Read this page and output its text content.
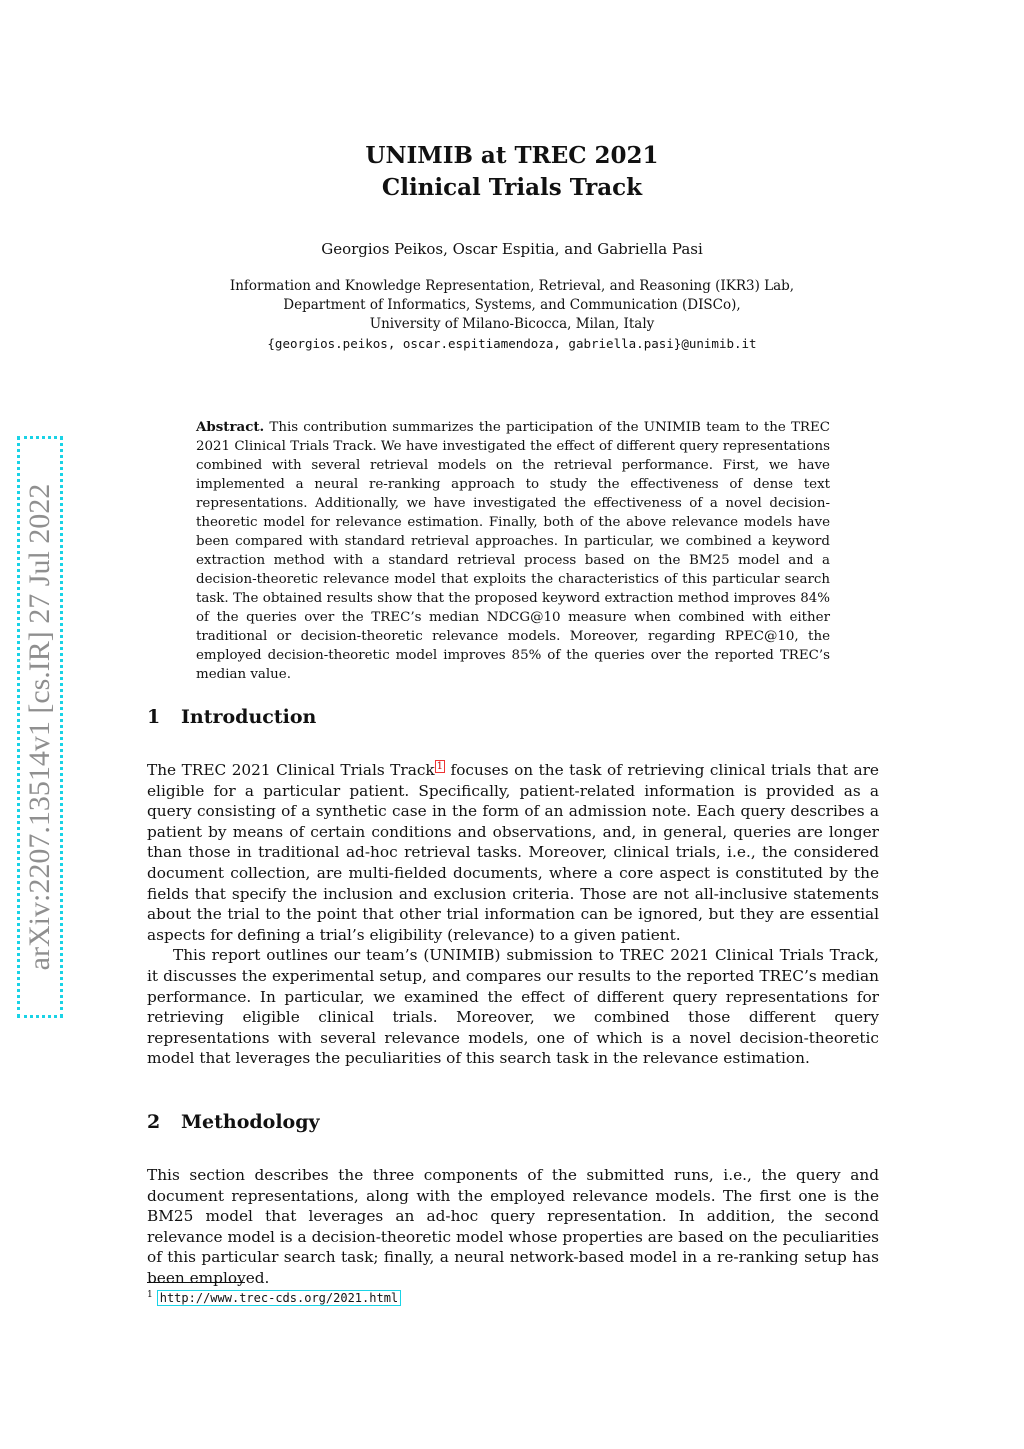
arXiv:2207.13514v1 [cs.IR] 27 Jul 2022
UNIMIB at TREC 2021
Clinical Trials Track
Georgios Peikos, Oscar Espitia, and Gabriella Pasi
Information and Knowledge Representation, Retrieval, and Reasoning (IKR3) Lab,
Department of Informatics, Systems, and Communication (DISCo),
University of Milano-Bicocca, Milan, Italy
{georgios.peikos, oscar.espitiamendoza, gabriella.pasi}@unimib.it
Abstract. This contribution summarizes the participation of the UNIMIB team to the TREC 2021 Clinical Trials Track. We have investigated the effect of different query representations combined with several retrieval models on the retrieval performance. First, we have implemented a neural re-ranking approach to study the effectiveness of dense text representations. Additionally, we have investigated the effectiveness of a novel decision-theoretic model for relevance estimation. Finally, both of the above relevance models have been compared with standard retrieval approaches. In particular, we combined a keyword extraction method with a standard retrieval process based on the BM25 model and a decision-theoretic relevance model that exploits the characteristics of this particular search task. The obtained results show that the proposed keyword extraction method improves 84% of the queries over the TREC’s median NDCG@10 measure when combined with either traditional or decision-theoretic relevance models. Moreover, regarding RPEC@10, the employed decision-theoretic model improves 85% of the queries over the reported TREC’s median value.
1 Introduction

The TREC 2021 Clinical Trials Track $^1$ focuses on the task of retrieving clinical trials that are eligible for a particular patient. Specifically, patient-related information is provided as a query consisting of a synthetic case in the form of an admission note. Each query describes a patient by means of certain conditions and observations, and, in general, queries are longer than those in traditional ad-hoc retrieval tasks. Moreover, clinical trials, i.e., the considered document collection, are multi-fielded documents, where a core aspect is constituted by the fields that specify the inclusion and exclusion criteria. Those are not all-inclusive statements about the trial to the point that other trial information can be ignored, but they are essential aspects for defining a trial’s eligibility (relevance) to a given patient.

This report outlines our team’s (UNIMIB) submission to TREC 2021 Clinical Trials Track, it discusses the experimental setup, and compares our results to the reported TREC’s median performance. In particular, we examined the effect of different query representations for retrieving eligible clinical trials. Moreover, we combined those different query representations with several relevance models, one of which is a novel decision-theoretic model that leverages the peculiarities of this search task in the relevance estimation.

2 Methodology

This section describes the three components of the submitted runs, i.e., the query and document representations, along with the employed relevance models. The first one is the BM25 model that leverages an ad-hoc query representation. In addition, the second relevance model is a decision-theoretic model whose properties are based on the peculiarities of this particular search task; finally, a neural network-based model in a re-ranking setup has been employed.

$^1$ http://www.trec-cds.org/2021.html
